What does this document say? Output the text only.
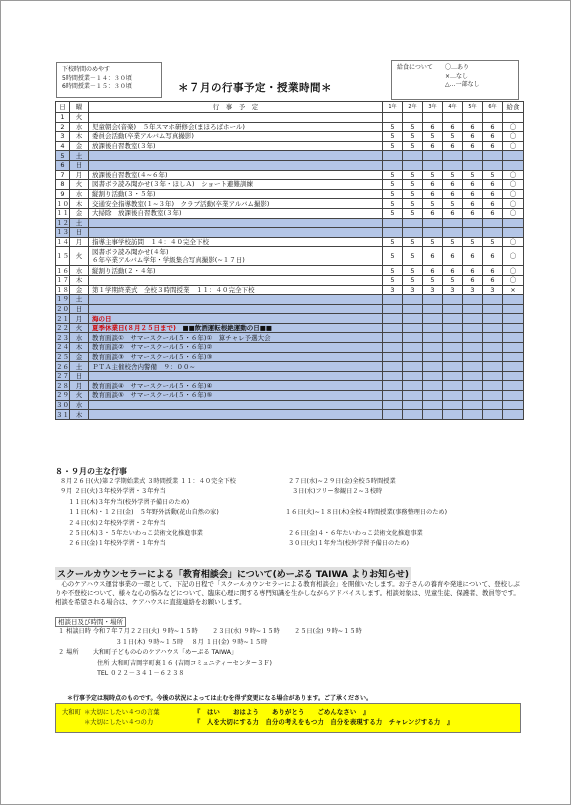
下校時間のめやす
5時間授業－１４：３０頃
6時間授業－１５：３０頃	＊７月の行事予定・授業時間＊
給食について	〇…あり
×…なし
△…一部なし
日	曜	行　事　予　定	1年	2年	3年	4年	5年	6年	給食
1	火								
2	水	児童朝会(音楽)　５年スマホ研修会(まほろばホール)	5	5	6	6	6	6	〇
3	木	委員会活動(卒業アルバム写真撮影)	5	5	5	5	6	6	〇
4	金	放課後自習教室(３年)	5	5	6	6	6	6	〇
5	土								
6	日								
7	月	放課後自習教室(４~６年)	5	5	5	5	5	5	〇
8	火	図書ボラ読み聞かせ(３年・ほしＡ)　ショート避難訓練	5	5	6	6	6	6	〇
9	水	縦割り活動(３・５年)	5	5	6	6	6	6	〇
１０	木	交通安全指導教室(１~３年)　クラブ活動(卒業アルバム撮影)	5	5	5	5	6	6	〇
１１	金	大掃除　放課後自習教室(３年)	5	5	6	6	6	6	〇
１２	土								
１３	日								
１４	月	指導主事学校訪問　１４：４０完全下校	5	5	5	5	5	5	〇
１５	火	図書ボラ読み聞かせ(４年)
６年卒業アルバム学年・学級集合写真撮影(~１７日)	5	5	6	6	6	6	〇
１６	水	縦割り活動(２・４年)	5	5	6	6	6	6	〇
１７	木		5	5	5	5	6	6	〇
１８	金	第１学期終業式　全校３時間授業　１１：４０完全下校	3	3	3	3	3	3	×
１９	土								
２０	日								
２１	月	海の日							
２２	火	夏季休業日(８月２５日まで)　■■飲酒運転根絶運動の日■■							
２３	水	教育面談①　サマースクール(５・６年)①　算チャレ予選大会							
２４	木	教育面談②　サマースクール(５・６年)②							
２５	金	教育面談③　サマースクール(５・６年)③							
２６	土	ＰＴＡ主催校舎内警備　９：００~							
２７	日								
２８	月	教育面談④　サマースクール(５・６年)④							
２９	火	教育面談⑤　サマースクール(５・６年)⑤							
３０	水								
３１	木								
８・９月の主な行事
８月２６日(火)第２学期始業式 ３時間授業 １１：４０完全下校	２７日(水)~２９日(金)全校５時間授業
９月 ２日(火)３年校外学習・３年弁当	３日(水)フリー参観日２~３校時
　 １１日(木)３年弁当(校外学習予備日のため)
　 １１日(木)・１２日(金)　５年野外活動(花山自然の家)	１６日(火)~１８日(木)全校４時間授業(事務整理日のため)
　 ２４日(水)２年校外学習・２年弁当
　 ２５日(木)３・５年たいわっこ芸術文化推進事業	２６日(金)４・６年たいわっこ芸術文化推進事業
　 ２６日(金)１年校外学習・１年弁当	３０日(火)１年弁当(校外学習予備日のため)
スクールカウンセラーによる「教育相談会」について(めーぷる TAIWA よりお知らせ)
　心のケアハウス運営事業の一環として、下記の日程で「スクールカウンセラーによる教育相談会」を開催いたします。お子さんの養育や発達について、登校しぶりや不登校について、様々な心の悩みなどについて、臨床心理に関する専門知識を生かしながらアドバイスします。相談対象は、児童生徒、保護者、教員等です。相談を希望される場合は、ケアハウスに直接連絡をお願いします。
相談日及び時間・場所
１ 相談日時 令和７年７月２２日(火) ９時~１５時　　 ２３日(水) ９時~１５時　　 ２５日(金) ９時~１５時
　　　　　　　　　 ３１日(木) ９時~１５時　 ８月 １日(金) ９時~１５時
２ 場所　　 大和町子どもの心のケアハウス「めーぷる TAIWA」
　　　　　　 住所 大和町吉岡字町裏１６ (吉岡コミュニティーセンター３Ｆ)
　　　　　　 TEL ０２２－３４１－６２３８
＊行事予定は現時点のものです。今後の状況によっては止むを得ず変更になる場合があります。ご了承ください。
大和町 ＊大切にしたい４つの言葉	『　はい　　おはよう　　ありがとう　　ごめんなさい　』
＊大切にしたい４つの力	『　人を大切にする力　自分の考えをもつ力　自分を表現する力　チャレンジする力　』
